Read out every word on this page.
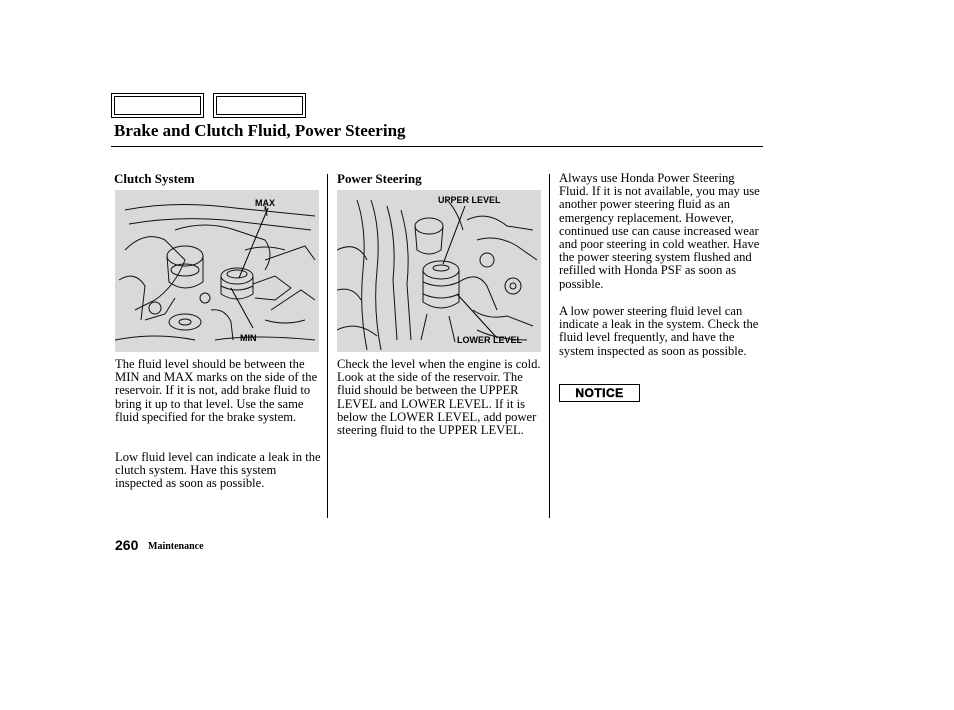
Brake and Clutch Fluid, Power Steering
Clutch System
MAX
MIN
The fluid level should be between the MIN and MAX marks on the side of the reservoir. If it is not, add brake fluid to bring it up to that level. Use the same fluid specified for the brake system.
Low fluid level can indicate a leak in the clutch system. Have this system inspected as soon as possible.
Power Steering
UPPER LEVEL
LOWER LEVEL
Check the level when the engine is cold. Look at the side of the reservoir. The fluid should be between the UPPER LEVEL and LOWER LEVEL. If it is below the LOWER LEVEL, add power steering fluid to the UPPER LEVEL.
Always use Honda Power Steering Fluid. If it is not available, you may use another power steering fluid as an emergency replacement. However, continued use can cause increased wear and poor steering in cold weather. Have the power steering system flushed and refilled with Honda PSF as soon as possible.
A low power steering fluid level can indicate a leak in the system. Check the fluid level frequently, and have the system inspected as soon as possible.
NOTICE
260 Maintenance
